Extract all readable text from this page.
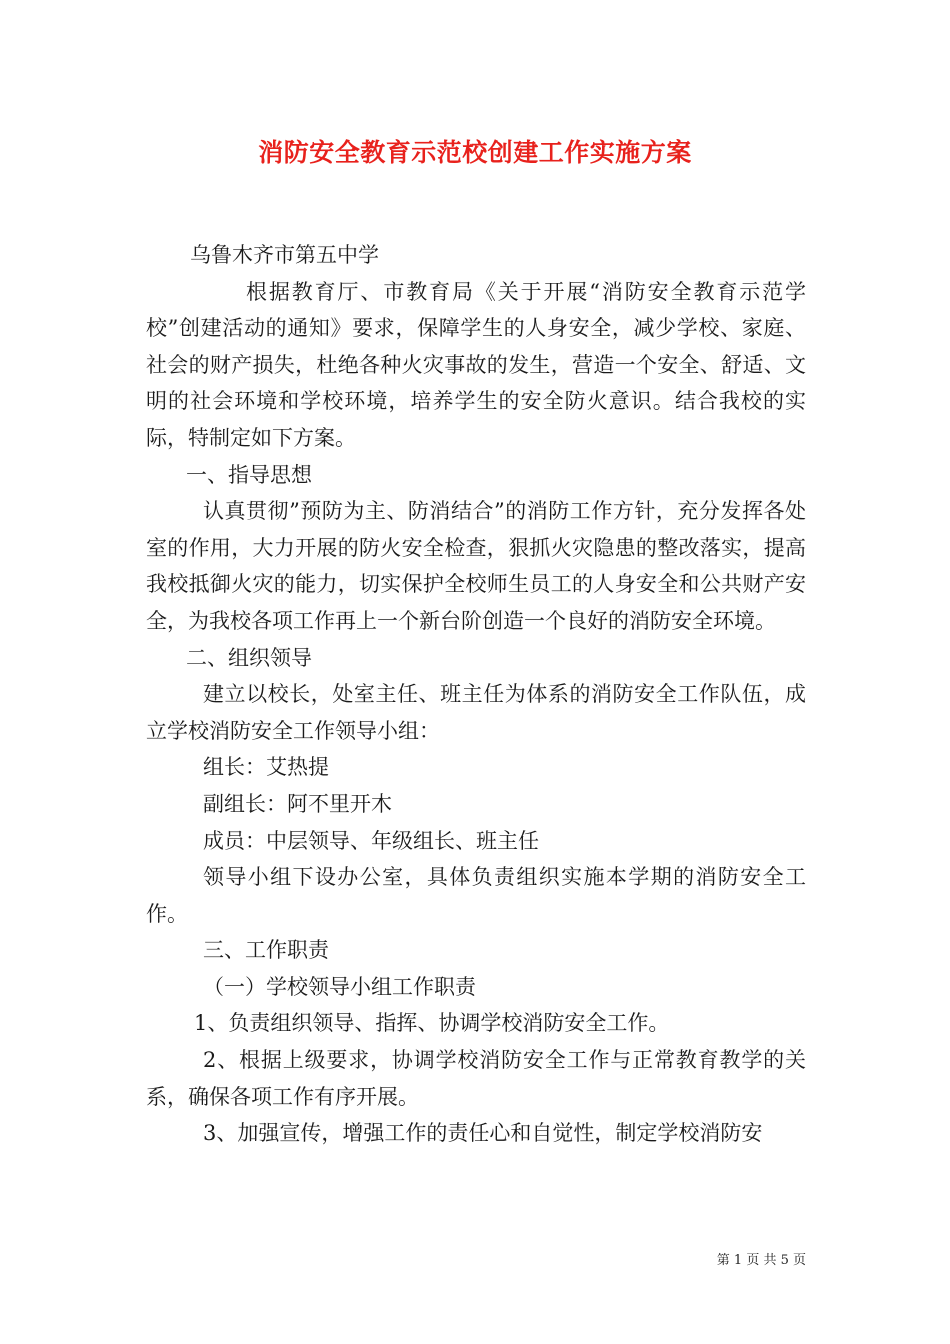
消防安全教育示范校创建工作实施方案

乌鲁木齐市第五中学

根据教育厅、市教育局《关于开展“消防安全教育示范学校”创建活动的通知》要求，保障学生的人身安全，减少学校、家庭、社会的财产损失，杜绝各种火灾事故的发生，营造一个安全、舒适、文明的社会环境和学校环境，培养学生的安全防火意识。结合我校的实际，特制定如下方案。

一、指导思想

认真贯彻”预防为主、防消结合”的消防工作方针，充分发挥各处室的作用，大力开展的防火安全检查，狠抓火灾隐患的整改落实，提高我校抵御火灾的能力，切实保护全校师生员工的人身安全和公共财产安全，为我校各项工作再上一个新台阶创造一个良好的消防安全环境。

二、组织领导

建立以校长，处室主任、班主任为体系的消防安全工作队伍，成立学校消防安全工作领导小组：

组长：艾热提

副组长：阿不里开木

成员：中层领导、年级组长、班主任

领导小组下设办公室，具体负责组织实施本学期的消防安全工作。

三、工作职责

（一）学校领导小组工作职责

1、负责组织领导、指挥、协调学校消防安全工作。

2、根据上级要求，协调学校消防安全工作与正常教育教学的关系，确保各项工作有序开展。

3、加强宣传，增强工作的责任心和自觉性，制定学校消防安

第 1 页 共 5 页
